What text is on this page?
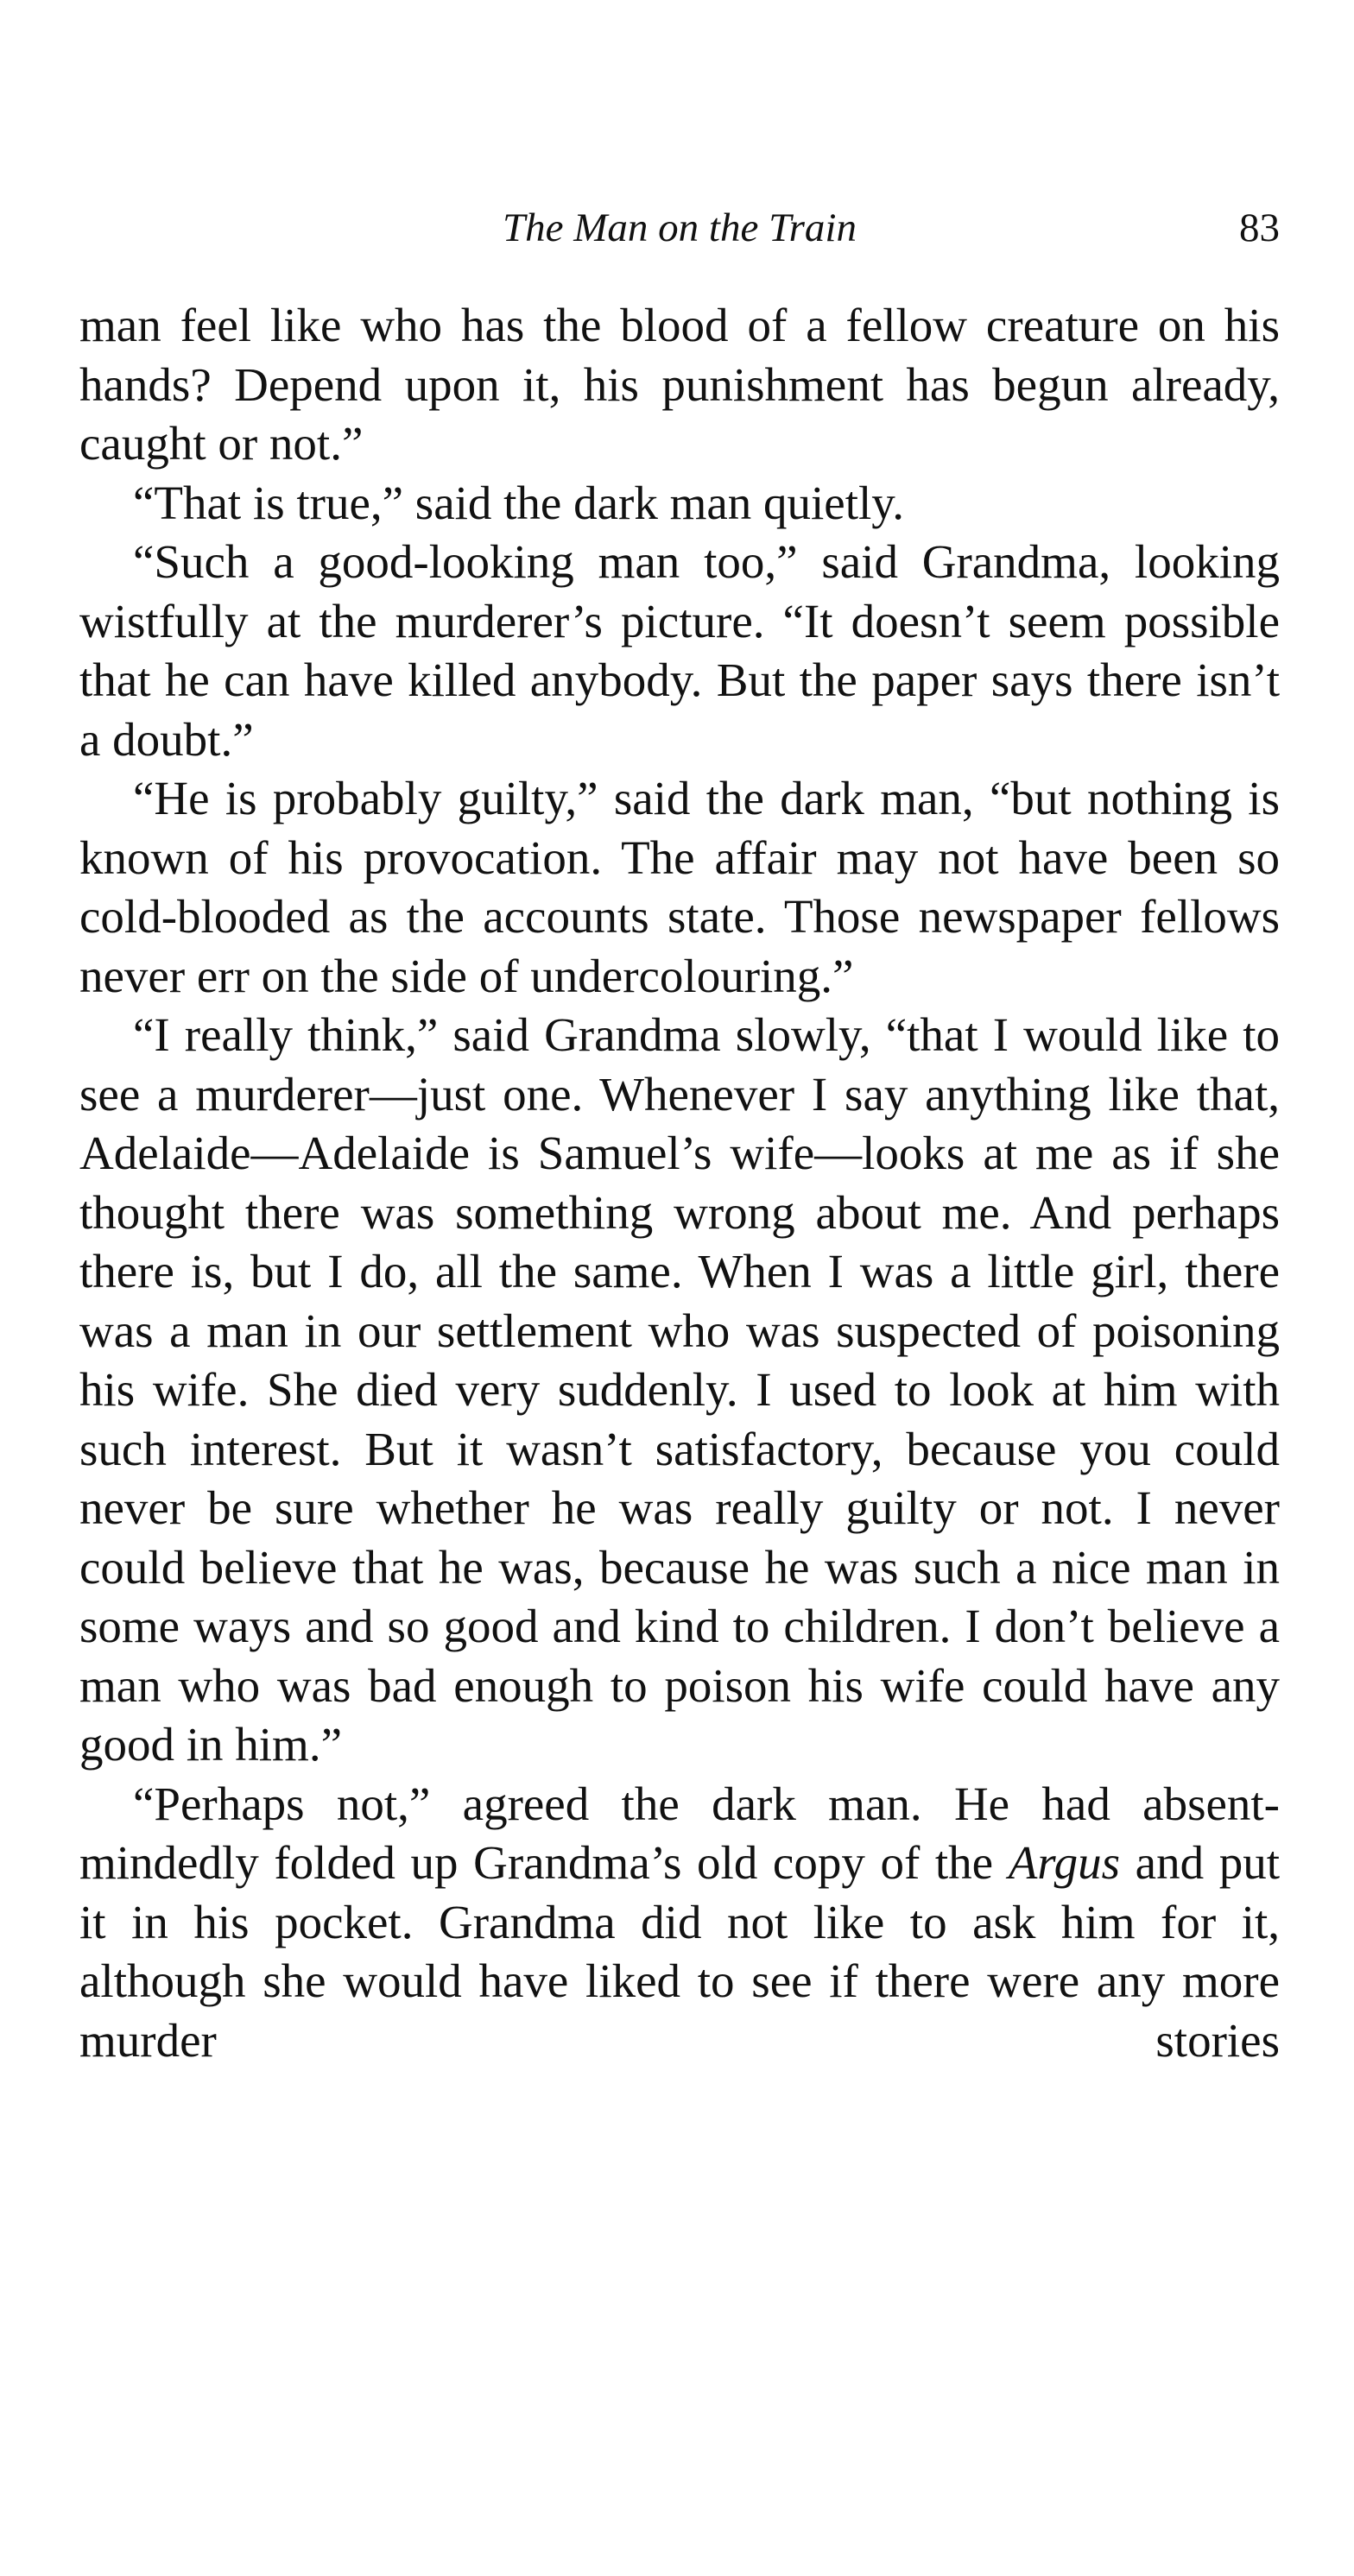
The Man on the Train	83

man feel like who has the blood of a fellow creature on his hands? Depend upon it, his punishment has begun already, caught or not.”

“That is true,” said the dark man quietly.

“Such a good-looking man too,” said Grandma, looking wistfully at the murderer’s picture. “It doesn’t seem possible that he can have killed anybody. But the paper says there isn’t a doubt.”

“He is probably guilty,” said the dark man, “but nothing is known of his provocation. The affair may not have been so cold-blooded as the accounts state. Those newspaper fellows never err on the side of undercolouring.”

“I really think,” said Grandma slowly, “that I would like to see a murderer—just one. Whenever I say anything like that, Adelaide—Adelaide is Samuel’s wife—looks at me as if she thought there was something wrong about me. And perhaps there is, but I do, all the same. When I was a little girl, there was a man in our settlement who was suspected of poisoning his wife. She died very suddenly. I used to look at him with such interest. But it wasn’t satisfactory, because you could never be sure whether he was really guilty or not. I never could believe that he was, because he was such a nice man in some ways and so good and kind to children. I don’t believe a man who was bad enough to poison his wife could have any good in him.”

“Perhaps not,” agreed the dark man. He had absent-mindedly folded up Grandma’s old copy of the Argus and put it in his pocket. Grandma did not like to ask him for it, although she would have liked to see if there were any more murder stories
